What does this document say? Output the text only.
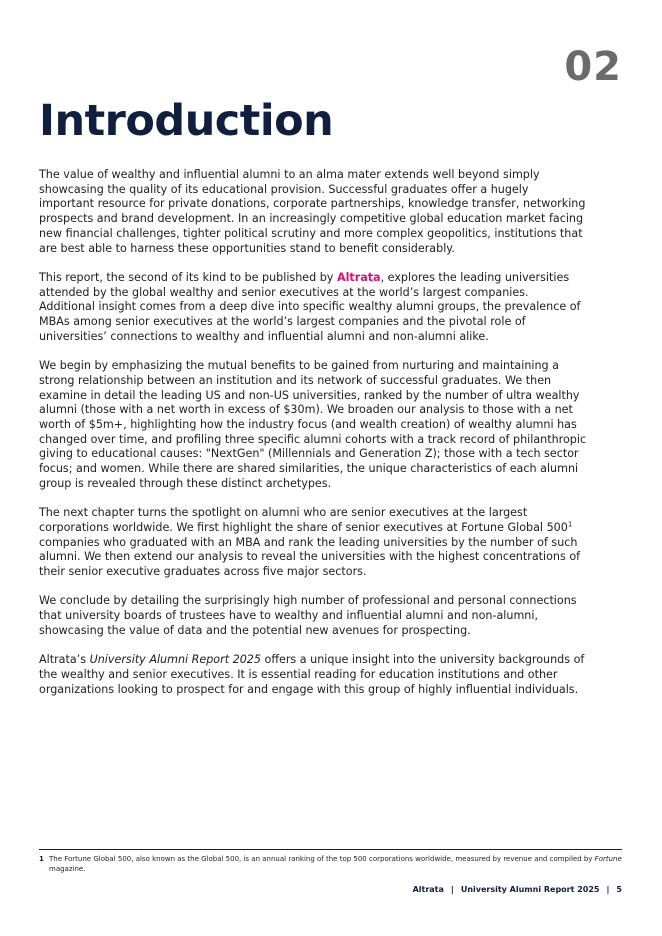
02
Introduction

The value of wealthy and influential alumni to an alma mater extends well beyond simply showcasing the quality of its educational provision. Successful graduates offer a hugely important resource for private donations, corporate partnerships, knowledge transfer, networking prospects and brand development. In an increasingly competitive global education market facing new financial challenges, tighter political scrutiny and more complex geopolitics, institutions that are best able to harness these opportunities stand to benefit considerably.

This report, the second of its kind to be published by Altrata, explores the leading universities attended by the global wealthy and senior executives at the world’s largest companies. Additional insight comes from a deep dive into specific wealthy alumni groups, the prevalence of MBAs among senior executives at the world’s largest companies and the pivotal role of universities’ connections to wealthy and influential alumni and non-alumni alike.

We begin by emphasizing the mutual benefits to be gained from nurturing and maintaining a strong relationship between an institution and its network of successful graduates. We then examine in detail the leading US and non-US universities, ranked by the number of ultra wealthy alumni (those with a net worth in excess of $30m). We broaden our analysis to those with a net worth of $5m+, highlighting how the industry focus (and wealth creation) of wealthy alumni has changed over time, and profiling three specific alumni cohorts with a track record of philanthropic giving to educational causes: "NextGen" (Millennials and Generation Z); those with a tech sector focus; and women. While there are shared similarities, the unique characteristics of each alumni group is revealed through these distinct archetypes.

The next chapter turns the spotlight on alumni who are senior executives at the largest corporations worldwide. We first highlight the share of senior executives at Fortune Global $500^1$ companies who graduated with an MBA and rank the leading universities by the number of such alumni. We then extend our analysis to reveal the universities with the highest concentrations of their senior executive graduates across five major sectors.

We conclude by detailing the surprisingly high number of professional and personal connections that university boards of trustees have to wealthy and influential alumni and non-alumni, showcasing the value of data and the potential new avenues for prospecting.

Altrata’s University Alumni Report 2025 offers a unique insight into the university backgrounds of the wealthy and senior executives. It is essential reading for education institutions and other organizations looking to prospect for and engage with this group of highly influential individuals.

1 The Fortune Global 500, also known as the Global 500, is an annual ranking of the top 500 corporations worldwide, measured by revenue and compiled by Fortune magazine.
Altrata | University Alumni Report 2025 | 5
